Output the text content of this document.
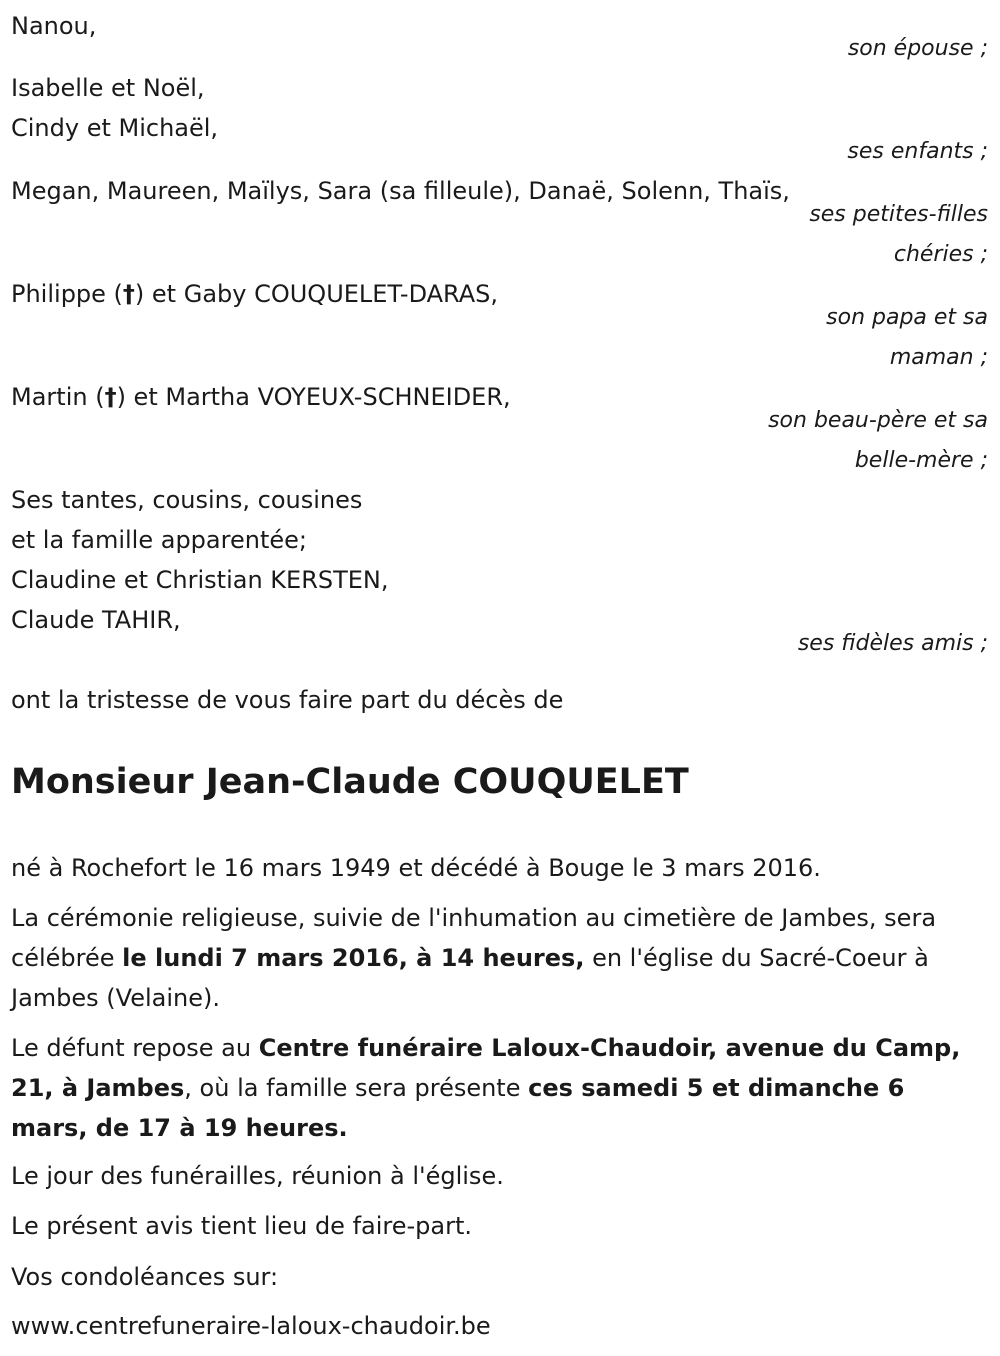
Nanou,
son épouse ;
Isabelle et Noël,
Cindy et Michaël,
ses enfants ;
Megan, Maureen, Maïlys, Sara (sa filleule), Danaë, Solenn, Thaïs,
ses petites-filles
chéries ;
Philippe (†) et Gaby COUQUELET-DARAS,
son papa et sa
maman ;
Martin (†) et Martha VOYEUX-SCHNEIDER,
son beau-père et sa
belle-mère ;
Ses tantes, cousins, cousines
et la famille apparentée;
Claudine et Christian KERSTEN,
Claude TAHIR,
ses fidèles amis ;
ont la tristesse de vous faire part du décès de
Monsieur Jean-Claude COUQUELET
né à Rochefort le 16 mars 1949 et décédé à Bouge le 3 mars 2016.
La cérémonie religieuse, suivie de l'inhumation au cimetière de Jambes, sera célébrée le lundi 7 mars 2016, à 14 heures, en l'église du Sacré-Coeur à Jambes (Velaine).
Le défunt repose au Centre funéraire Laloux-Chaudoir, avenue du Camp, 21, à Jambes, où la famille sera présente ces samedi 5 et dimanche 6 mars, de 17 à 19 heures.
Le jour des funérailles, réunion à l'église.
Le présent avis tient lieu de faire-part.
Vos condoléances sur:
www.centrefuneraire-laloux-chaudoir.be
